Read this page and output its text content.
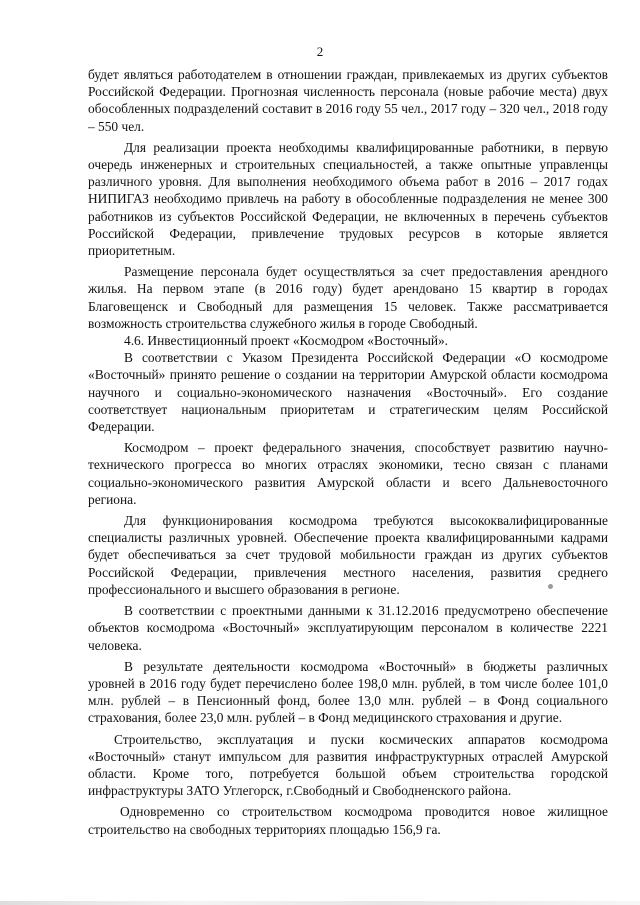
2

будет являться работодателем в отношении граждан, привлекаемых из других субъектов Российской Федерации. Прогнозная численность персонала (новые рабочие места) двух обособленных подразделений составит в 2016 году 55 чел., 2017 году – 320 чел., 2018 году – 550 чел.

Для реализации проекта необходимы квалифицированные работники, в первую очередь инженерных и строительных специальностей, а также опытные управленцы различного уровня. Для выполнения необходимого объема работ в 2016 – 2017 годах НИПИГАЗ необходимо привлечь на работу в обособленные подразделения не менее 300 работников из субъектов Российской Федерации, не включенных в перечень субъектов Российской Федерации, привлечение трудовых ресурсов в которые является приоритетным.

Размещение персонала будет осуществляться за счет предоставления арендного жилья. На первом этапе (в 2016 году) будет арендовано 15 квартир в городах Благовещенск и Свободный для размещения 15 человек. Также рассматривается возможность строительства служебного жилья в городе Свободный.

4.6. Инвестиционный проект «Космодром «Восточный».

В соответствии с Указом Президента Российской Федерации «О космодроме «Восточный» принято решение о создании на территории Амурской области космодрома научного и социально-экономического назначения «Восточный». Его создание соответствует национальным приоритетам и стратегическим целям Российской Федерации.

Космодром – проект федерального значения, способствует развитию научно-технического прогресса во многих отраслях экономики, тесно связан с планами социально-экономического развития Амурской области и всего Дальневосточного региона.

Для функционирования космодрома требуются высококвалифицированные специалисты различных уровней. Обеспечение проекта квалифицированными кадрами будет обеспечиваться за счет трудовой мобильности граждан из других субъектов Российской Федерации, привлечения местного населения, развития среднего профессионального и высшего образования в регионе.

В соответствии с проектными данными к 31.12.2016 предусмотрено обеспечение объектов космодрома «Восточный» эксплуатирующим персоналом в количестве 2221 человека.

В результате деятельности космодрома «Восточный» в бюджеты различных уровней в 2016 году будет перечислено более 198,0 млн. рублей, в том числе более 101,0 млн. рублей – в Пенсионный фонд, более 13,0 млн. рублей – в Фонд социального страхования, более 23,0 млн. рублей – в Фонд медицинского страхования и другие.

Строительство, эксплуатация и пуски космических аппаратов космодрома «Восточный» станут импульсом для развития инфраструктурных отраслей Амурской области. Кроме того, потребуется большой объем строительства городской инфраструктуры ЗАТО Углегорск, г.Свободный и Свободненского района.

Одновременно со строительством космодрома проводится новое жилищное строительство на свободных территориях площадью 156,9 га.
